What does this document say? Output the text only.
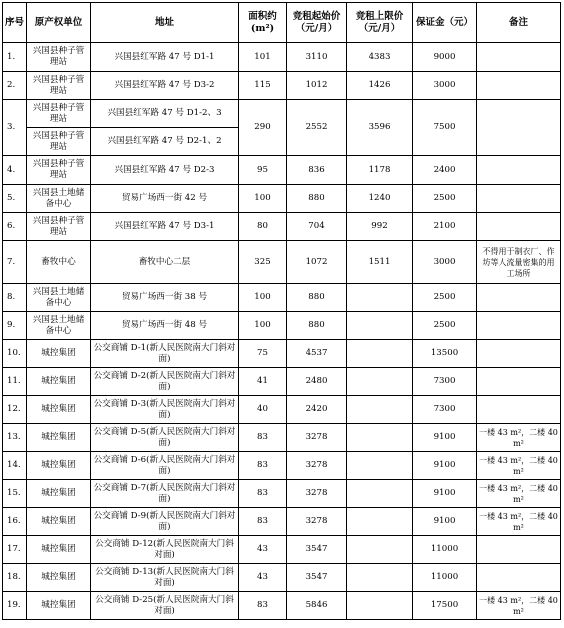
序号	原产权单位	地址	面积约(m²)	竞租起始价（元/月）	竞租上限价（元/月）	保证金（元）	备注
1.	兴国县种子管理站	兴国县红军路 47 号 D1-1	101	3110	4383	9000	
2.	兴国县种子管理站	兴国县红军路 47 号 D3-2	115	1012	1426	3000	
3.	兴国县种子管理站	兴国县红军路 47 号 D1-2、3	290	2552	3596	7500	
	兴国县种子管理站	兴国县红军路 47 号 D2-1、2					
4.	兴国县种子管理站	兴国县红军路 47 号 D2-3	95	836	1178	2400	
5.	兴国县土地储备中心	贸易广场西一街 42 号	100	880	1240	2500	
6.	兴国县种子管理站	兴国县红军路 47 号 D3-1	80	704	992	2100	
7.	畜牧中心	畜牧中心二层	325	1072	1511	3000	不得用于制衣厂、作坊等人流量密集的用工场所
8.	兴国县土地储备中心	贸易广场西一街 38 号	100	880		2500	
9.	兴国县土地储备中心	贸易广场西一街 48 号	100	880		2500	
10.	城控集团	公交商铺 D-1(新人民医院南大门斜对面)	75	4537		13500	
11.	城控集团	公交商铺 D-2(新人民医院南大门斜对面)	41	2480		7300	
12.	城控集团	公交商铺 D-3(新人民医院南大门斜对面)	40	2420		7300	
13.	城控集团	公交商铺 D-5(新人民医院南大门斜对面)	83	3278		9100	一楼 43 m²，二楼 40 m²
14.	城控集团	公交商铺 D-6(新人民医院南大门斜对面)	83	3278		9100	一楼 43 m²，二楼 40 m²
15.	城控集团	公交商铺 D-7(新人民医院南大门斜对面)	83	3278		9100	一楼 43 m²，二楼 40 m²
16.	城控集团	公交商铺 D-9(新人民医院南大门斜对面)	83	3278		9100	一楼 43 m²，二楼 40 m²
17.	城控集团	公交商铺 D-12(新人民医院南大门斜对面)	43	3547		11000	
18.	城控集团	公交商铺 D-13(新人民医院南大门斜对面)	43	3547		11000	
19.	城控集团	公交商铺 D-25(新人民医院南大门斜对面)	83	5846		17500	一楼 43 m²，二楼 40 m²
